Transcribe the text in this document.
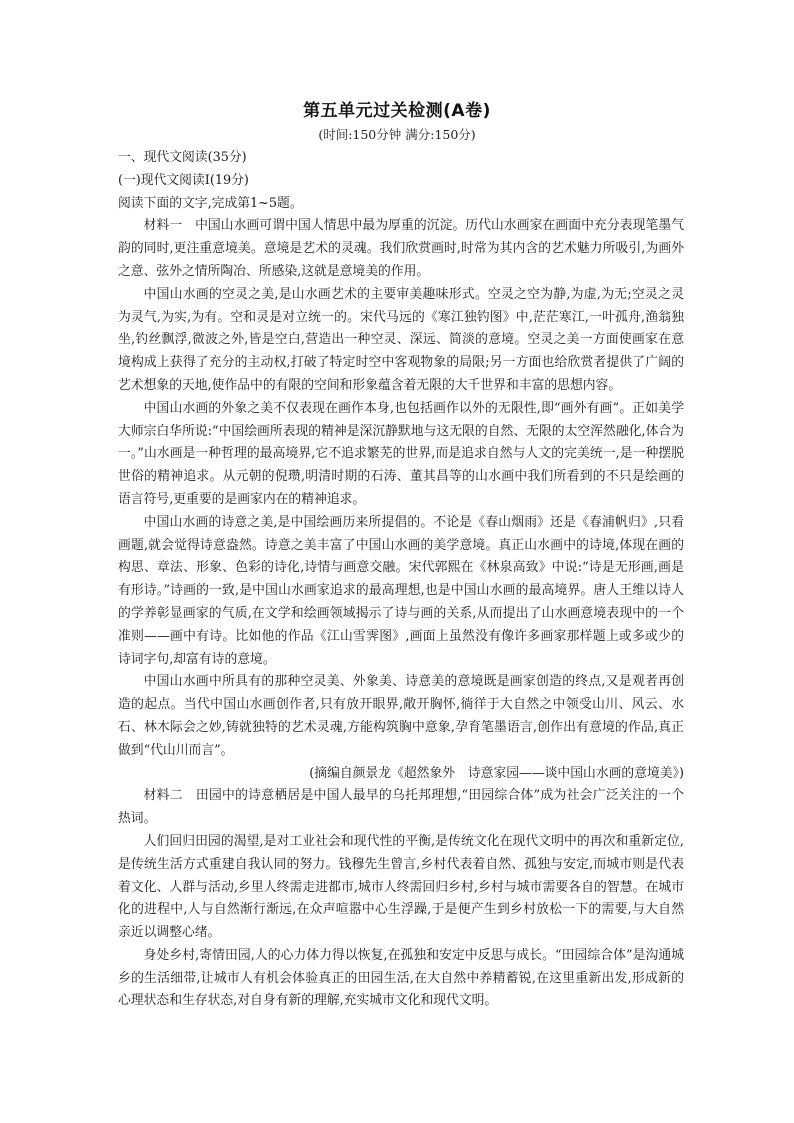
第五单元过关检测(A卷)
(时间:150分钟 满分:150分)

一、现代文阅读(35分)

(一)现代文阅读Ⅰ(19分)

阅读下面的文字,完成第1~5题。

材料一　中国山水画可谓中国人情思中最为厚重的沉淀。历代山水画家在画面中充分表现笔墨气韵的同时,更注重意境美。意境是艺术的灵魂。我们欣赏画时,时常为其内含的艺术魅力所吸引,为画外之意、弦外之情所陶冶、所感染,这就是意境美的作用。

中国山水画的空灵之美,是山水画艺术的主要审美趣味形式。空灵之空为静,为虚,为无;空灵之灵为灵气,为实,为有。空和灵是对立统一的。宋代马远的《寒江独钓图》中,茫茫寒江,一叶孤舟,渔翁独坐,钓丝飘浮,微波之外,皆是空白,营造出一种空灵、深远、简淡的意境。空灵之美一方面使画家在意境构成上获得了充分的主动权,打破了特定时空中客观物象的局限;另一方面也给欣赏者提供了广阔的艺术想象的天地,使作品中的有限的空间和形象蕴含着无限的大千世界和丰富的思想内容。

中国山水画的外象之美不仅表现在画作本身,也包括画作以外的无限性,即“画外有画”。正如美学大师宗白华所说:“中国绘画所表现的精神是深沉静默地与这无限的自然、无限的太空浑然融化,体合为一。”山水画是一种哲理的最高境界,它不追求繁芜的世界,而是追求自然与人文的完美统一,是一种摆脱世俗的精神追求。从元朝的倪瓒,明清时期的石涛、董其昌等的山水画中我们所看到的不只是绘画的语言符号,更重要的是画家内在的精神追求。

中国山水画的诗意之美,是中国绘画历来所提倡的。不论是《春山烟雨》还是《春浦帆归》,只看画题,就会觉得诗意盎然。诗意之美丰富了中国山水画的美学意境。真正山水画中的诗境,体现在画的构思、章法、形象、色彩的诗化,诗情与画意交融。宋代郭熙在《林泉高致》中说:“诗是无形画,画是有形诗。”诗画的一致,是中国山水画家追求的最高理想,也是中国山水画的最高境界。唐人王维以诗人的学养彰显画家的气质,在文学和绘画领域揭示了诗与画的关系,从而提出了山水画意境表现中的一个准则——画中有诗。比如他的作品《江山雪霁图》,画面上虽然没有像许多画家那样题上或多或少的诗词字句,却富有诗的意境。

中国山水画中所具有的那种空灵美、外象美、诗意美的意境既是画家创造的终点,又是观者再创造的起点。当代中国山水画创作者,只有放开眼界,敞开胸怀,徜徉于大自然之中领受山川、风云、水石、林木际会之妙,铸就独特的艺术灵魂,方能构筑胸中意象,孕育笔墨语言,创作出有意境的作品,真正做到“代山川而言”。

(摘编自颜景龙《超然象外　诗意家园——谈中国山水画的意境美》)

材料二　田园中的诗意栖居是中国人最早的乌托邦理想,“田园综合体”成为社会广泛关注的一个热词。

人们回归田园的渴望,是对工业社会和现代性的平衡,是传统文化在现代文明中的再次和重新定位,是传统生活方式重建自我认同的努力。钱穆先生曾言,乡村代表着自然、孤独与安定,而城市则是代表着文化、人群与活动,乡里人终需走进都市,城市人终需回归乡村,乡村与城市需要各自的智慧。在城市化的进程中,人与自然渐行渐远,在众声喧嚣中心生浮躁,于是便产生到乡村放松一下的需要,与大自然亲近以调整心绪。

身处乡村,寄情田园,人的心力体力得以恢复,在孤独和安定中反思与成长。“田园综合体”是沟通城乡的生活细带,让城市人有机会体验真正的田园生活,在大自然中养精蓄锐,在这里重新出发,形成新的心理状态和生存状态,对自身有新的理解,充实城市文化和现代文明。
